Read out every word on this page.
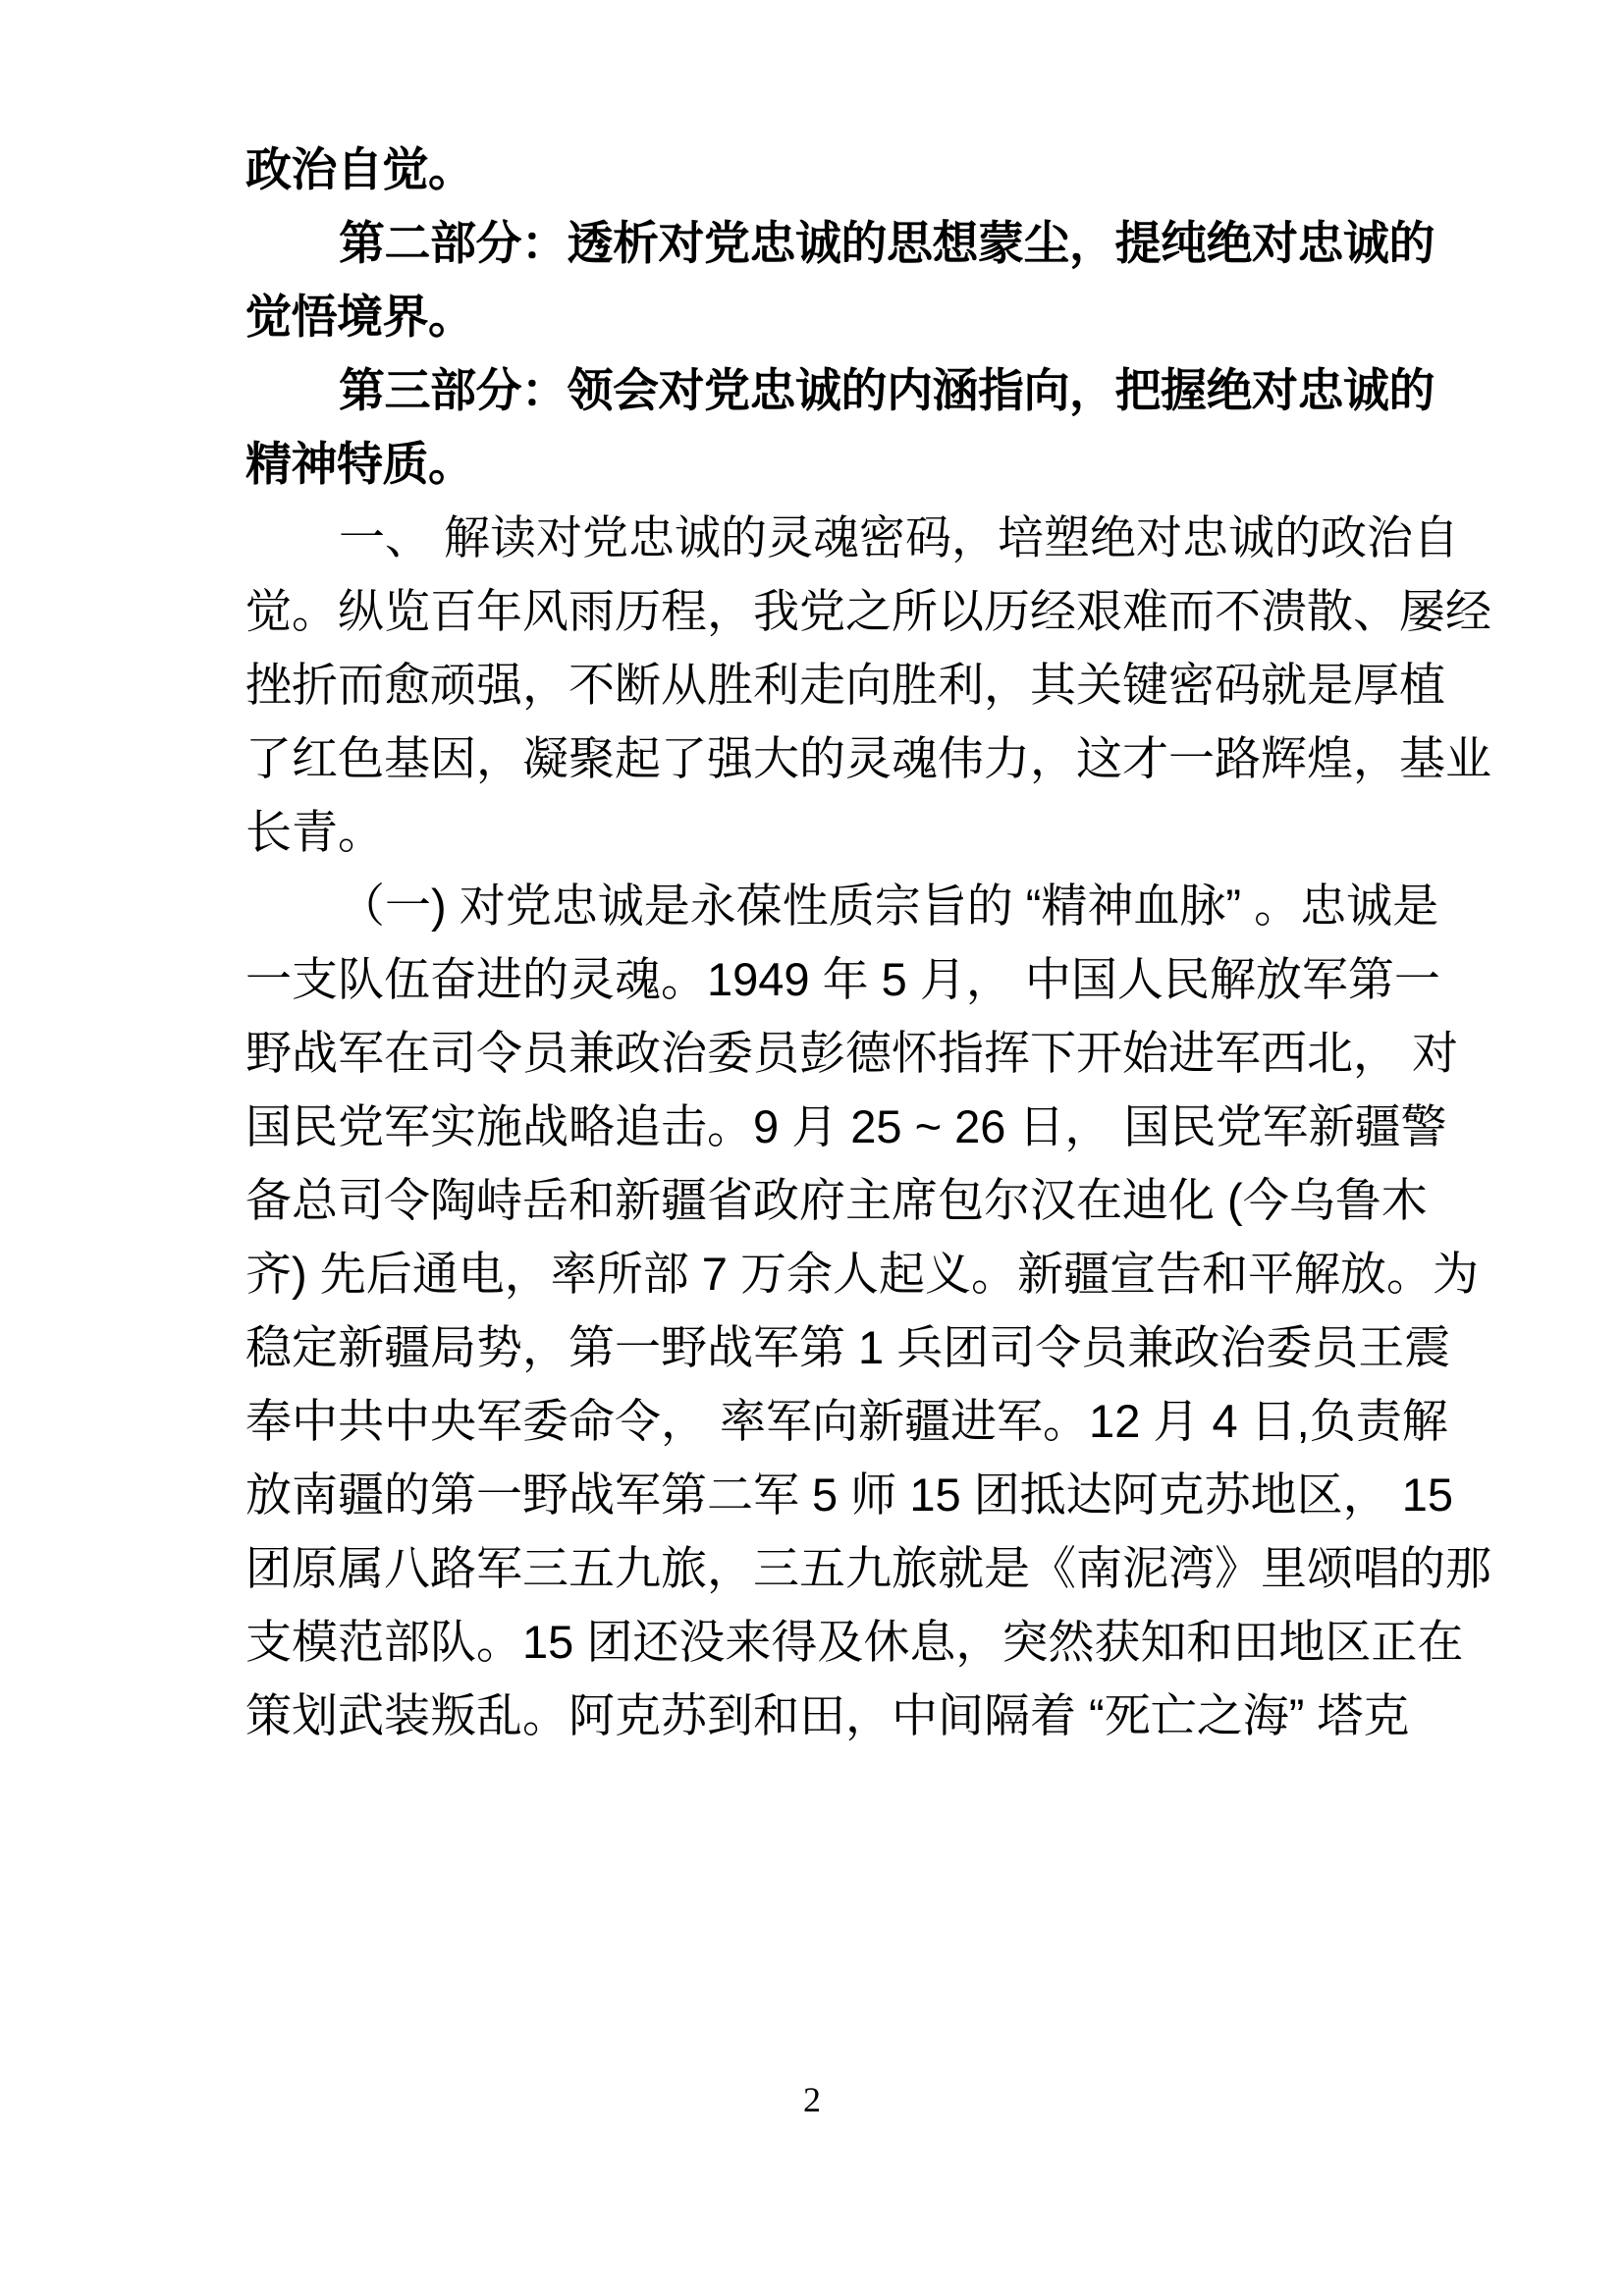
政治自觉。
第二部分：透析对党忠诚的思想蒙尘，提纯绝对忠诚的
觉悟境界。
第三部分：领会对党忠诚的内涵指向，把握绝对忠诚的
精神特质。
一、 解读对党忠诚的灵魂密码，培塑绝对忠诚的政治自
觉。纵览百年风雨历程，我党之所以历经艰难而不溃散、屡经
挫折而愈顽强，不断从胜利走向胜利，其关键密码就是厚植
了红色基因，凝聚起了强大的灵魂伟力，这才一路辉煌，基业
长青。
（一) 对党忠诚是永葆性质宗旨的 “精神血脉” 。忠诚是
一支队伍奋进的灵魂。1949 年 5 月， 中国人民解放军第一
野战军在司令员兼政治委员彭德怀指挥下开始进军西北， 对
国民党军实施战略追击。9 月 25 ~ 26 日， 国民党军新疆警
备总司令陶峙岳和新疆省政府主席包尔汉在迪化 (今乌鲁木
齐) 先后通电，率所部 7 万余人起义。新疆宣告和平解放。为
稳定新疆局势，第一野战军第 1 兵团司令员兼政治委员王震
奉中共中央军委命令， 率军向新疆进军。12 月 4 日,负责解
放南疆的第一野战军第二军 5 师 15 团抵达阿克苏地区， 15
团原属八路军三五九旅，三五九旅就是《南泥湾》里颂唱的那
支模范部队。15 团还没来得及休息，突然获知和田地区正在
策划武装叛乱。阿克苏到和田，中间隔着 “死亡之海” 塔克
2
